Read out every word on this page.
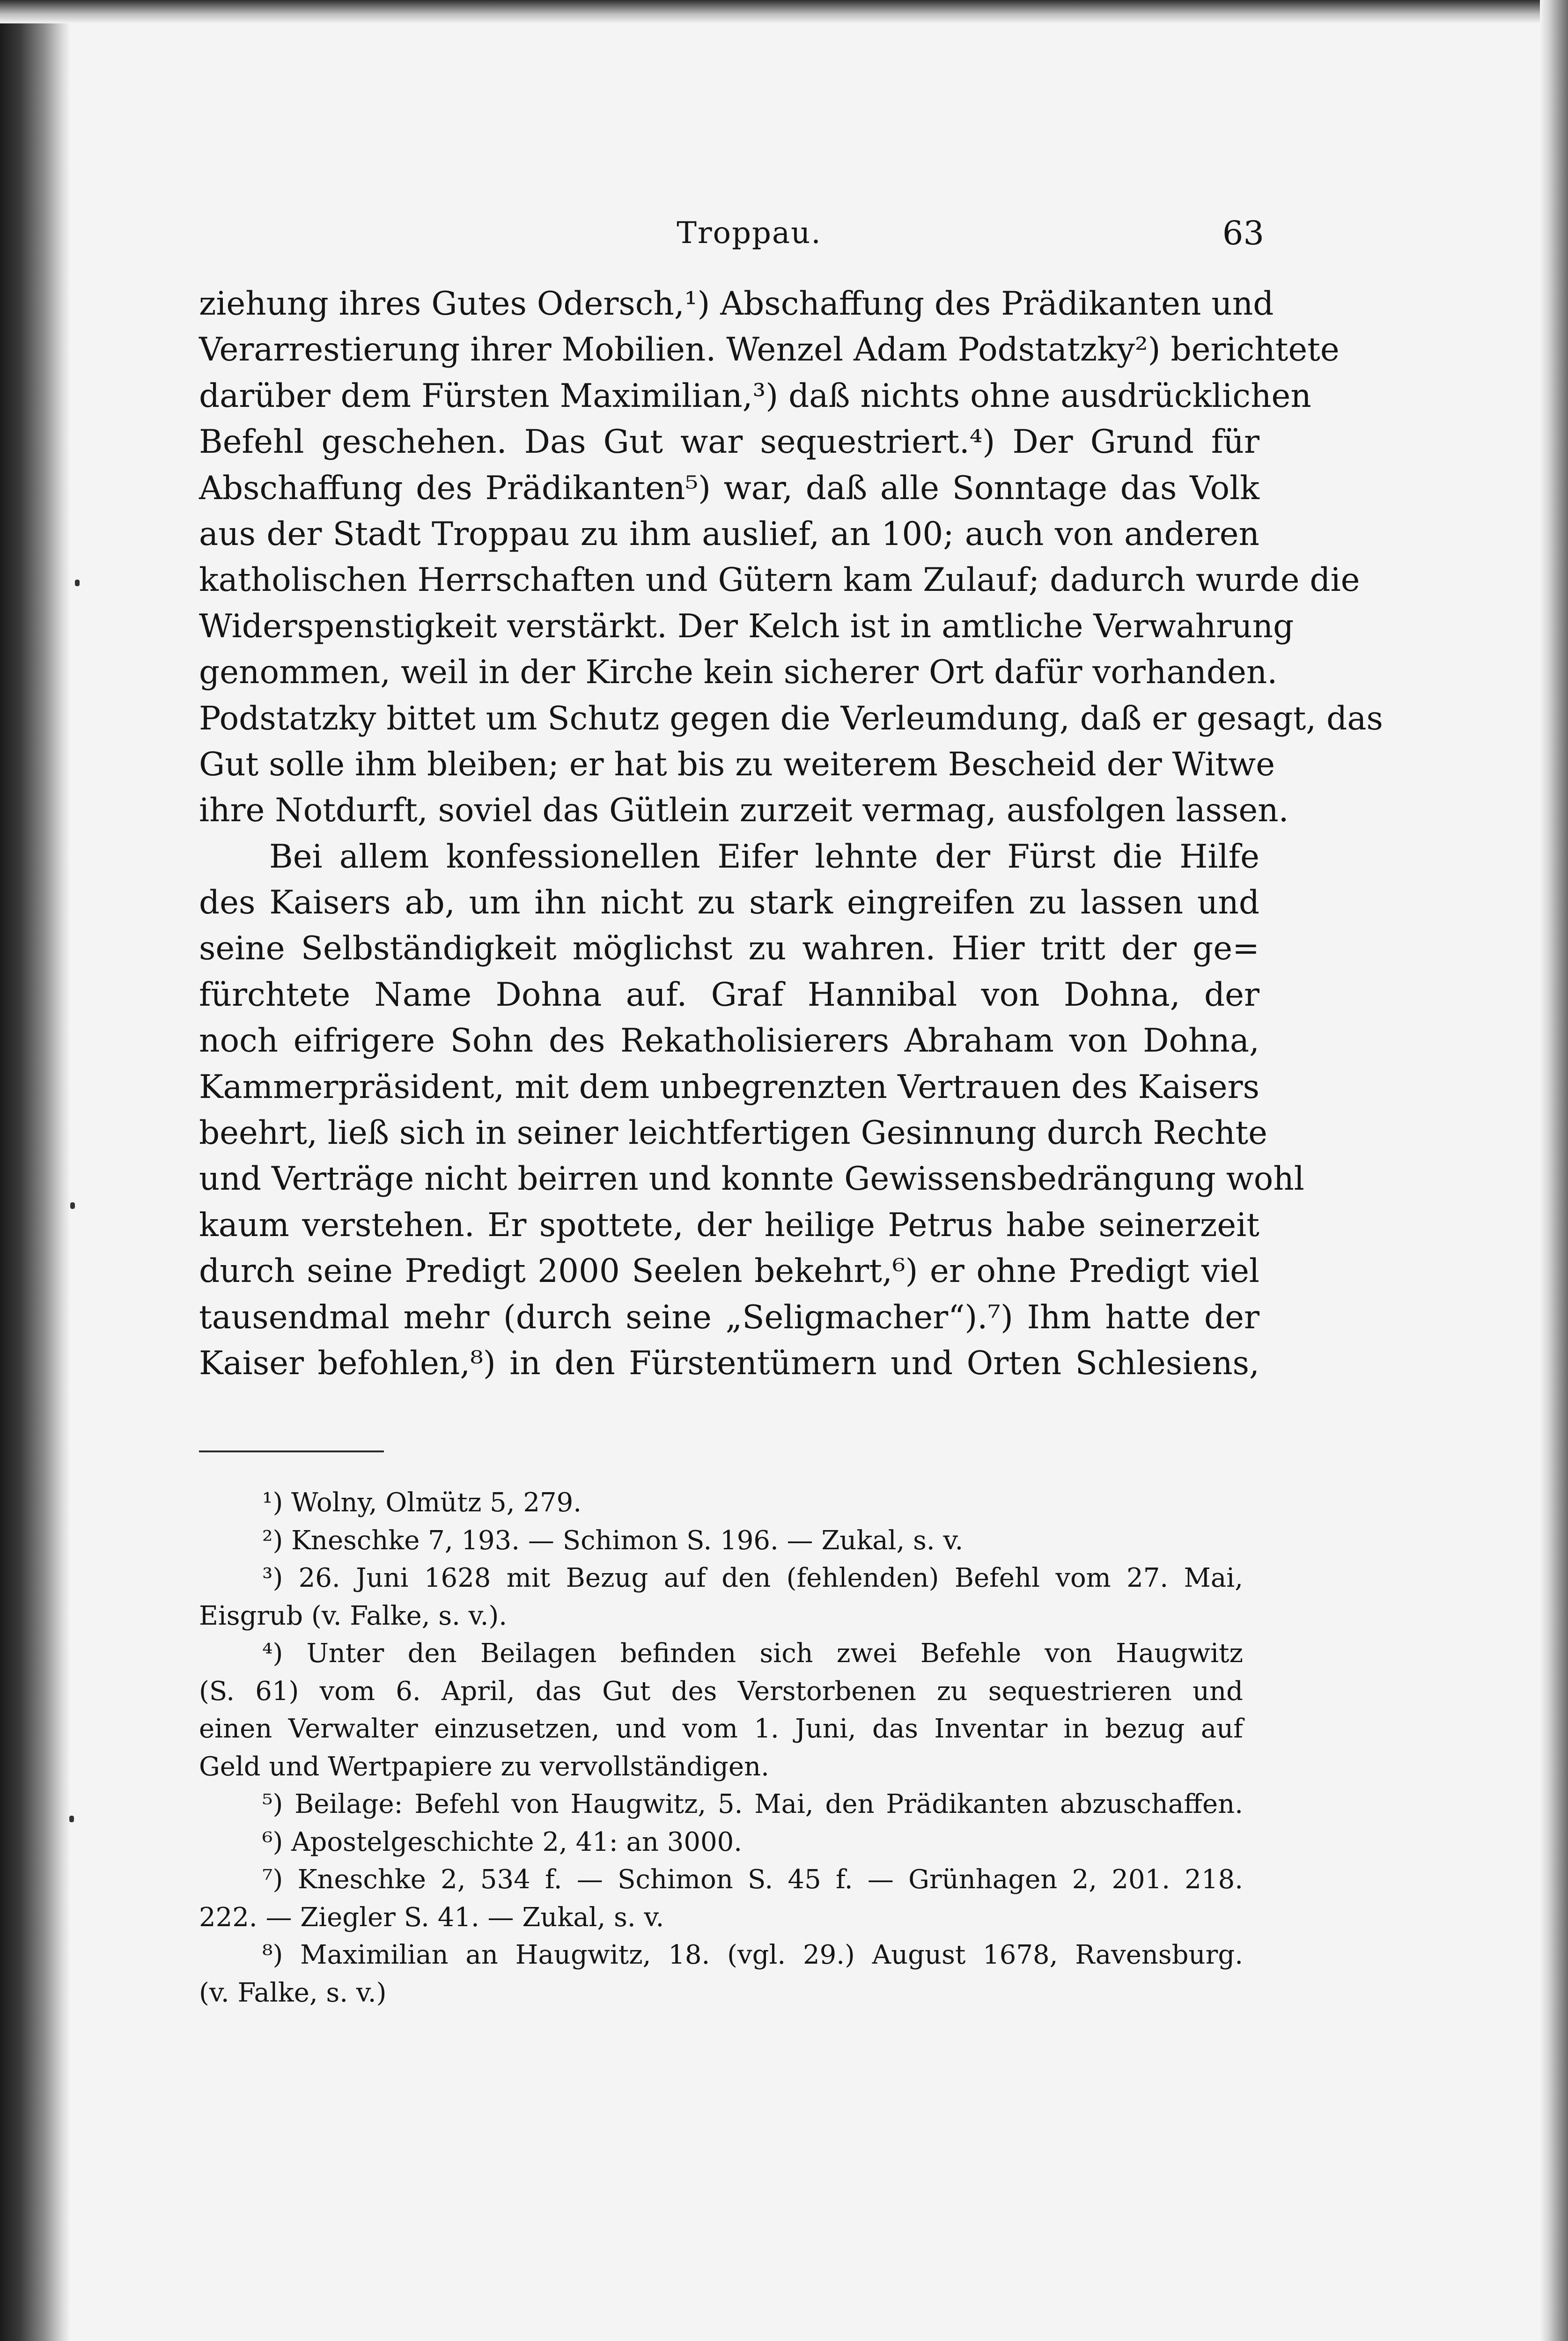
Troppau.	63
ziehung ihres Gutes Odersch,¹) Abschaffung des Prädikanten und
Verarrestierung ihrer Mobilien. Wenzel Adam Podstatzky²) berichtete
darüber dem Fürsten Maximilian,³) daß nichts ohne ausdrücklichen
Befehl geschehen. Das Gut war sequestriert.⁴) Der Grund für
Abschaffung des Prädikanten⁵) war, daß alle Sonntage das Volk
aus der Stadt Troppau zu ihm auslief, an 100; auch von anderen
katholischen Herrschaften und Gütern kam Zulauf; dadurch wurde die
Widerspenstigkeit verstärkt. Der Kelch ist in amtliche Verwahrung
genommen, weil in der Kirche kein sicherer Ort dafür vorhanden.
Podstatzky bittet um Schutz gegen die Verleumdung, daß er gesagt, das
Gut solle ihm bleiben; er hat bis zu weiterem Bescheid der Witwe
ihre Notdurft, soviel das Gütlein zurzeit vermag, ausfolgen lassen.
Bei allem konfessionellen Eifer lehnte der Fürst die Hilfe
des Kaisers ab, um ihn nicht zu stark eingreifen zu lassen und
seine Selbständigkeit möglichst zu wahren. Hier tritt der ge=
fürchtete Name Dohna auf. Graf Hannibal von Dohna, der
noch eifrigere Sohn des Rekatholisierers Abraham von Dohna,
Kammerpräsident, mit dem unbegrenzten Vertrauen des Kaisers
beehrt, ließ sich in seiner leichtfertigen Gesinnung durch Rechte
und Verträge nicht beirren und konnte Gewissensbedrängung wohl
kaum verstehen. Er spottete, der heilige Petrus habe seinerzeit
durch seine Predigt 2000 Seelen bekehrt,⁶) er ohne Predigt viel
tausendmal mehr (durch seine „Seligmacher“).⁷) Ihm hatte der
Kaiser befohlen,⁸) in den Fürstentümern und Orten Schlesiens,
¹) Wolny, Olmütz 5, 279.
²) Kneschke 7, 193. — Schimon S. 196. — Zukal, s. v.
³) 26. Juni 1628 mit Bezug auf den (fehlenden) Befehl vom 27. Mai,
Eisgrub (v. Falke, s. v.).
⁴) Unter den Beilagen befinden sich zwei Befehle von Haugwitz
(S. 61) vom 6. April, das Gut des Verstorbenen zu sequestrieren und
einen Verwalter einzusetzen, und vom 1. Juni, das Inventar in bezug auf
Geld und Wertpapiere zu vervollständigen.
⁵) Beilage: Befehl von Haugwitz, 5. Mai, den Prädikanten abzuschaffen.
⁶) Apostelgeschichte 2, 41: an 3000.
⁷) Kneschke 2, 534 f. — Schimon S. 45 f. — Grünhagen 2, 201. 218.
222. — Ziegler S. 41. — Zukal, s. v.
⁸) Maximilian an Haugwitz, 18. (vgl. 29.) August 1678, Ravensburg.
(v. Falke, s. v.)
